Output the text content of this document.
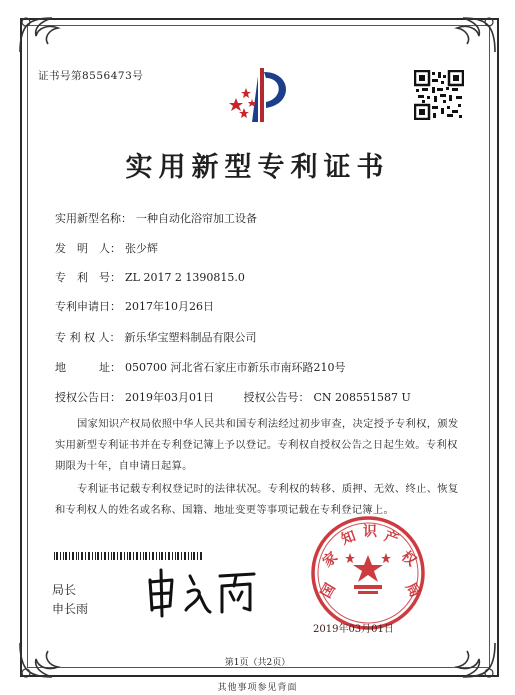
证书号第8556473号
实用新型专利证书
实用新型名称： 一种自动化浴帘加工设备
发　明　人： 张少辉
专　利　号： ZL 2017 2 1390815.0
专利申请日： 2017年10月26日
专 利 权 人： 新乐华宝塑料制品有限公司
地　　　址： 050700 河北省石家庄市新乐市南环路210号
授权公告日： 2019年03月01日	授权公告号： CN 208551587 U
国家知识产权局依照中华人民共和国专利法经过初步审查，决定授予专利权，颁发实用新型专利证书并在专利登记簿上予以登记。专利权自授权公告之日起生效。专利权期限为十年，自申请日起算。
专利证书记载专利权登记时的法律状况。专利权的转移、质押、无效、终止、恢复和专利权人的姓名或名称、国籍、地址变更等事项记载在专利登记簿上。
局长
申长雨
国
家
知 识 产
权
局
2019年03月01日
第1页（共2页）
其他事项参见背面
